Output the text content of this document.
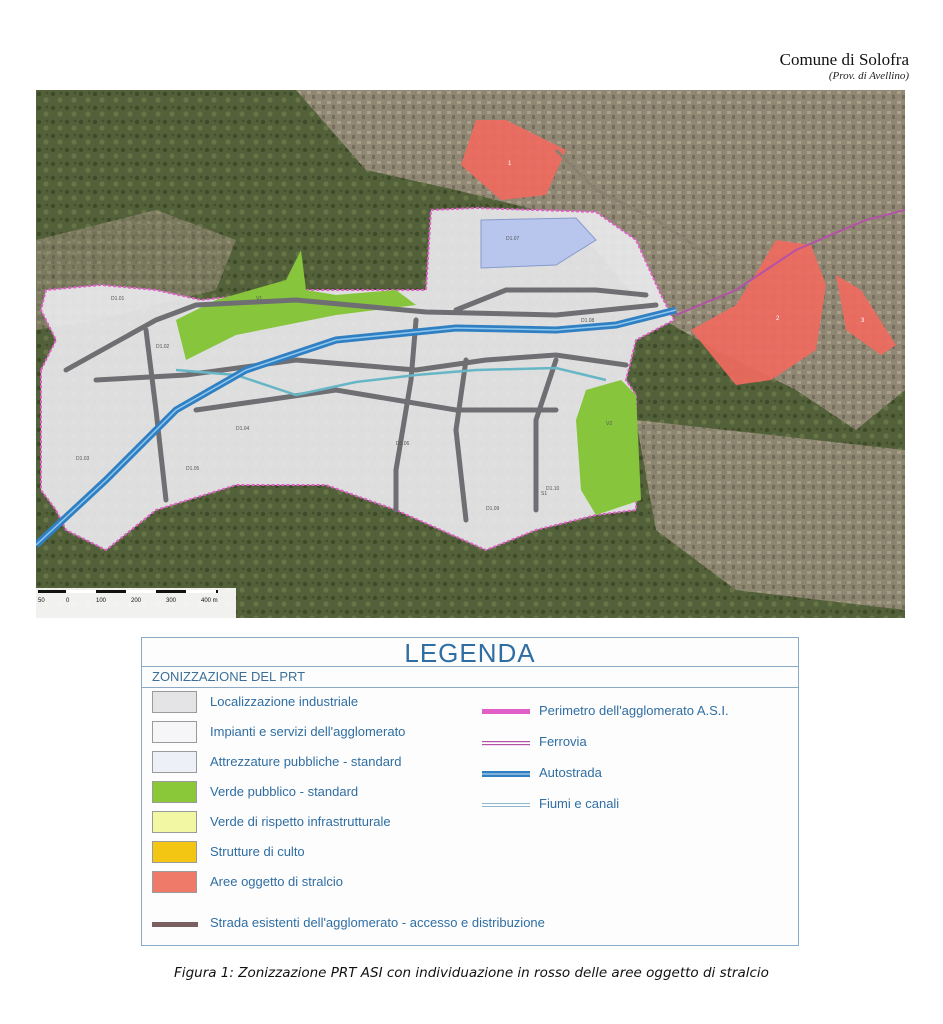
Comune di Solofra
(Prov. di Avellino)
50	0	100	200	300	400 m
D1.01
D1.02
D1.03
D1.04
D1.05
D1.06
D1.07
D1.08
D1.09
D1.10
V1
V2
S1
1
2	3
LEGENDA
ZONIZZAZIONE DEL PRT
Localizzazione industriale
Impianti e servizi dell'agglomerato
Attrezzature pubbliche - standard
Verde pubblico - standard
Verde di rispetto infrastrutturale
Strutture di culto
Aree oggetto di stralcio
Perimetro dell'agglomerato A.S.I.
Ferrovia
Autostrada
Fiumi e canali
Strada esistenti dell'agglomerato - accesso e distribuzione
Figura 1: Zonizzazione PRT ASI con individuazione in rosso delle aree oggetto di stralcio
